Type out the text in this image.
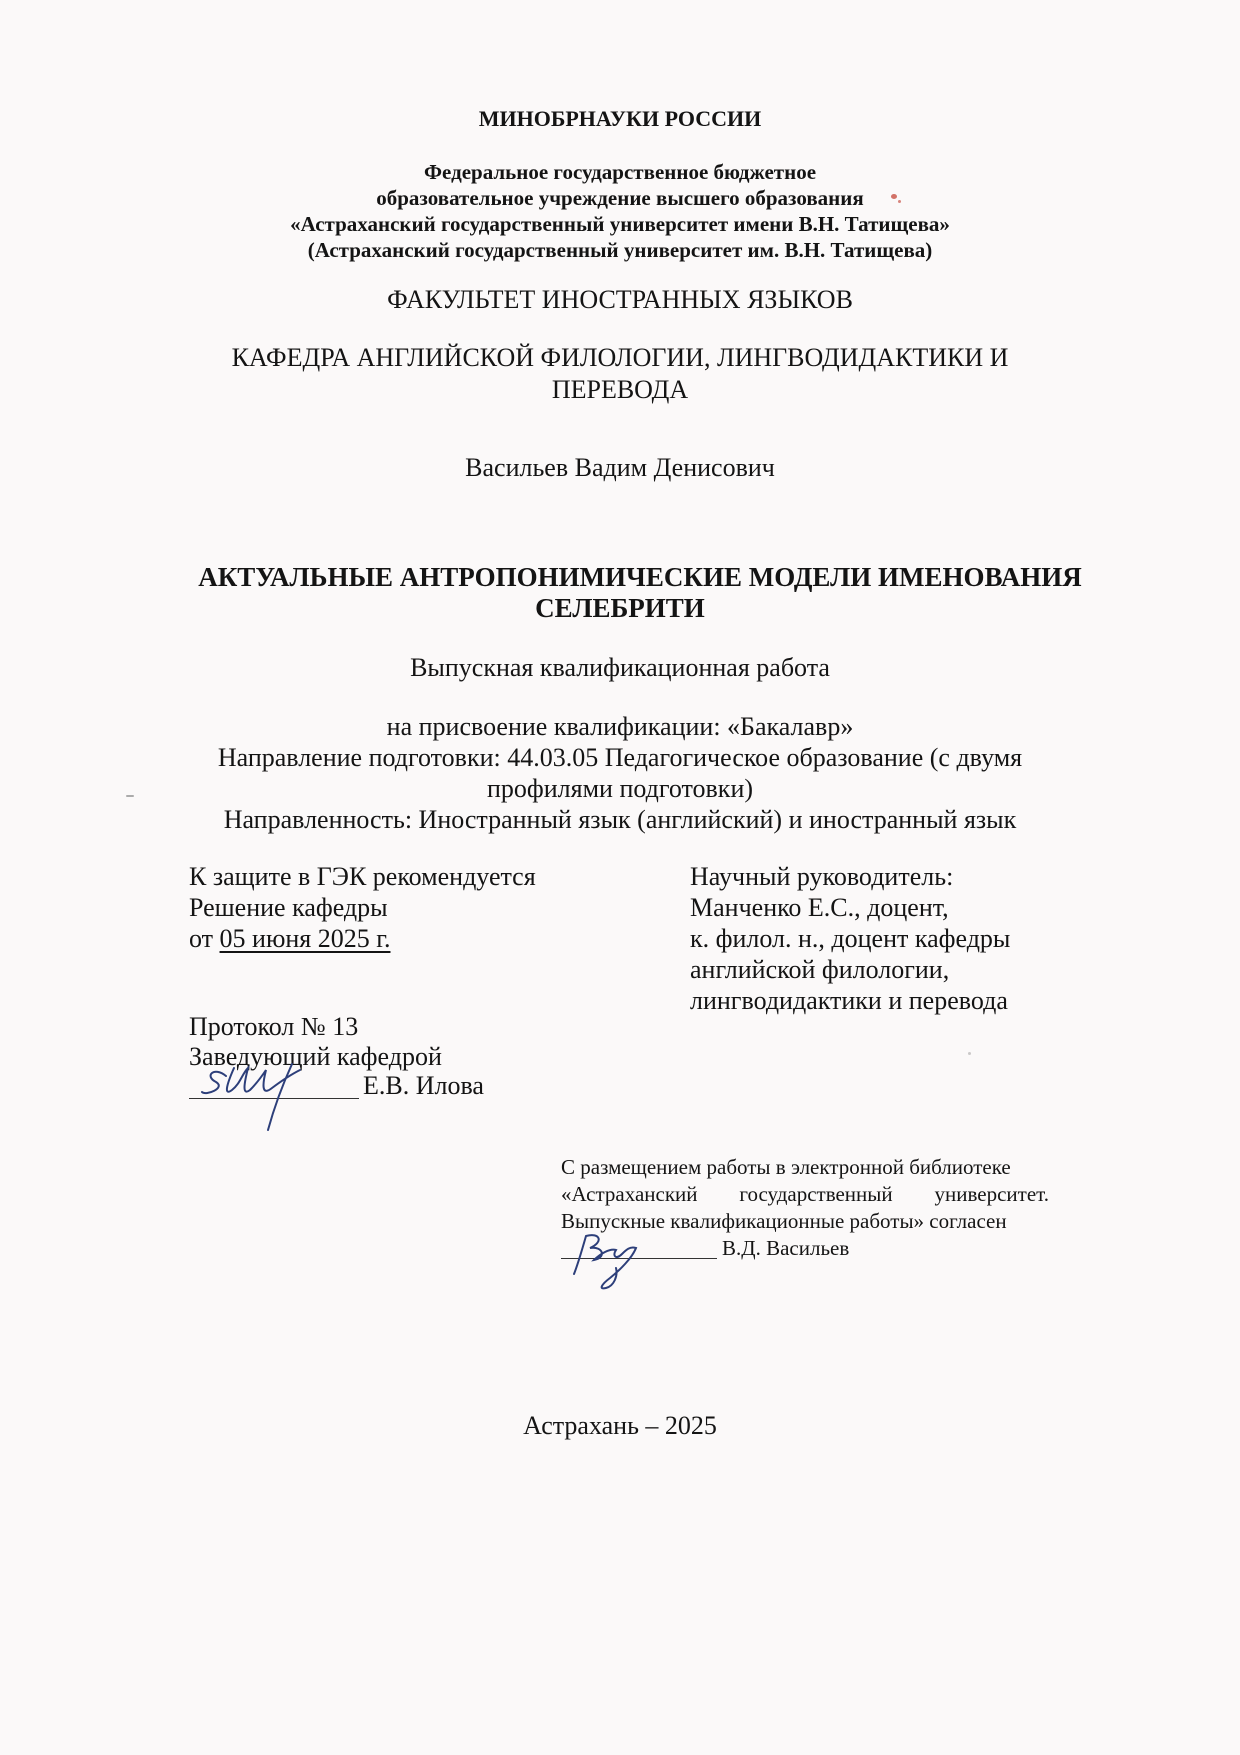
МИНОБРНАУКИ РОССИИ
Федеральное государственное бюджетное
образовательное учреждение высшего образования
«Астраханский государственный университет имени В.Н. Татищева»
(Астраханский государственный университет им. В.Н. Татищева)
ФАКУЛЬТЕТ ИНОСТРАННЫХ ЯЗЫКОВ
КАФЕДРА АНГЛИЙСКОЙ ФИЛОЛОГИИ, ЛИНГВОДИДАКТИКИ И
ПЕРЕВОДА
Васильев Вадим Денисович
АКТУАЛЬНЫЕ АНТРОПОНИМИЧЕСКИЕ МОДЕЛИ ИМЕНОВАНИЯ
СЕЛЕБРИТИ
Выпускная квалификационная работа
на присвоение квалификации: «Бакалавр»
Направление подготовки: 44.03.05 Педагогическое образование (с двумя
профилями подготовки)
Направленность: Иностранный язык (английский) и иностранный язык
К защите в ГЭК рекомендуется
Решение кафедры
от 05 июня 2025 г.
Протокол № 13
Заведующий кафедрой
Е.В. Илова
Научный руководитель:
Манченко Е.С., доцент,
к. филол. н., доцент кафедры
английской филологии,
лингводидактики и перевода
С размещением работы в электронной библиотеке
«Астраханский государственный университет.
Выпускные квалификационные работы» согласен
В.Д. Васильев
Астрахань – 2025
